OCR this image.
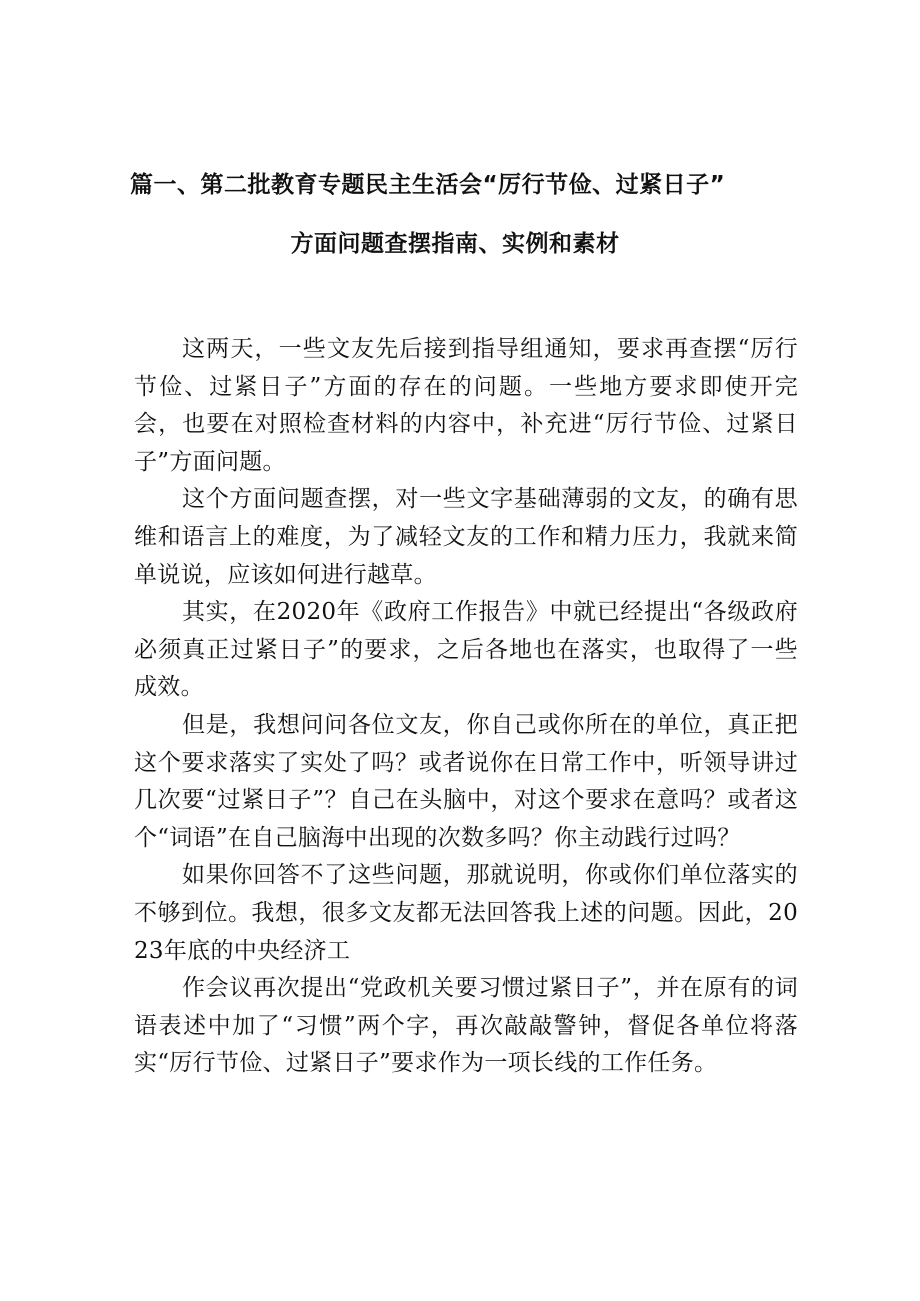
篇一、第二批教育专题民主生活会“厉行节俭、过紧日子”
方面问题查摆指南、实例和素材

这两天，一些文友先后接到指导组通知，要求再查摆“厉行节俭、过紧日子”方面的存在的问题。一些地方要求即使开完会，也要在对照检查材料的内容中，补充进“厉行节俭、过紧日子”方面问题。

这个方面问题查摆，对一些文字基础薄弱的文友，的确有思维和语言上的难度，为了减轻文友的工作和精力压力，我就来简单说说，应该如何进行越草。

其实，在2020年《政府工作报告》中就已经提出“各级政府必须真正过紧日子”的要求，之后各地也在落实，也取得了一些成效。

但是，我想问问各位文友，你自己或你所在的单位，真正把这个要求落实了实处了吗？或者说你在日常工作中，听领导讲过几次要“过紧日子”？自己在头脑中，对这个要求在意吗？或者这个“词语”在自己脑海中出现的次数多吗？你主动践行过吗？

如果你回答不了这些问题，那就说明，你或你们单位落实的不够到位。我想，很多文友都无法回答我上述的问题。因此，2023年底的中央经济工

作会议再次提出“党政机关要习惯过紧日子”，并在原有的词语表述中加了“习惯”两个字，再次敲敲警钟，督促各单位将落实“厉行节俭、过紧日子”要求作为一项长线的工作任务。
